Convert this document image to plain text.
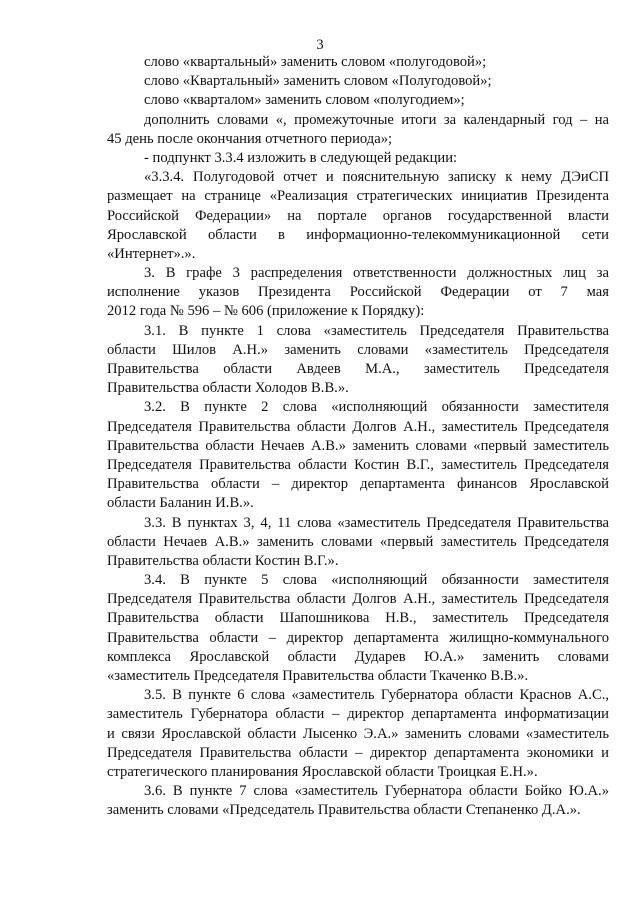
3
слово «квартальный» заменить словом «полугодовой»;
слово «Квартальный» заменить словом «Полугодовой»;
слово «кварталом» заменить словом «полугодием»;
дополнить словами «, промежуточные итоги за календарный год – на
45 день после окончания отчетного периода»;
- подпункт 3.3.4 изложить в следующей редакции:
«3.3.4. Полугодовой отчет и пояснительную записку к нему ДЭиСП
размещает на странице «Реализация стратегических инициатив Президента
Российской Федерации» на портале органов государственной власти
Ярославской области в информационно-телекоммуникационной сети
«Интернет».».
3. В графе 3 распределения ответственности должностных лиц за
исполнение указов Президента Российской Федерации от 7 мая
2012 года № 596 – № 606 (приложение к Порядку):
3.1. В пункте 1 слова «заместитель Председателя Правительства
области Шилов А.Н.» заменить словами «заместитель Председателя
Правительства области Авдеев М.А., заместитель Председателя
Правительства области Холодов В.В.».
3.2. В пункте 2 слова «исполняющий обязанности заместителя
Председателя Правительства области Долгов А.Н., заместитель Председателя
Правительства области Нечаев А.В.» заменить словами «первый заместитель
Председателя Правительства области Костин В.Г., заместитель Председателя
Правительства области – директор департамента финансов Ярославской
области Баланин И.В.».
3.3. В пунктах 3, 4, 11 слова «заместитель Председателя Правительства
области Нечаев А.В.» заменить словами «первый заместитель Председателя
Правительства области Костин В.Г.».
3.4. В пункте 5 слова «исполняющий обязанности заместителя
Председателя Правительства области Долгов А.Н., заместитель Председателя
Правительства области Шапошникова Н.В., заместитель Председателя
Правительства области – директор департамента жилищно-коммунального
комплекса Ярославской области Дударев Ю.А.» заменить словами
«заместитель Председателя Правительства области Ткаченко В.В.».
3.5. В пункте 6 слова «заместитель Губернатора области Краснов А.С.,
заместитель Губернатора области – директор департамента информатизации
и связи Ярославской области Лысенко Э.А.» заменить словами «заместитель
Председателя Правительства области – директор департамента экономики и
стратегического планирования Ярославской области Троицкая Е.Н.».
3.6. В пункте 7 слова «заместитель Губернатора области Бойко Ю.А.»
заменить словами «Председатель Правительства области Степаненко Д.А.».
